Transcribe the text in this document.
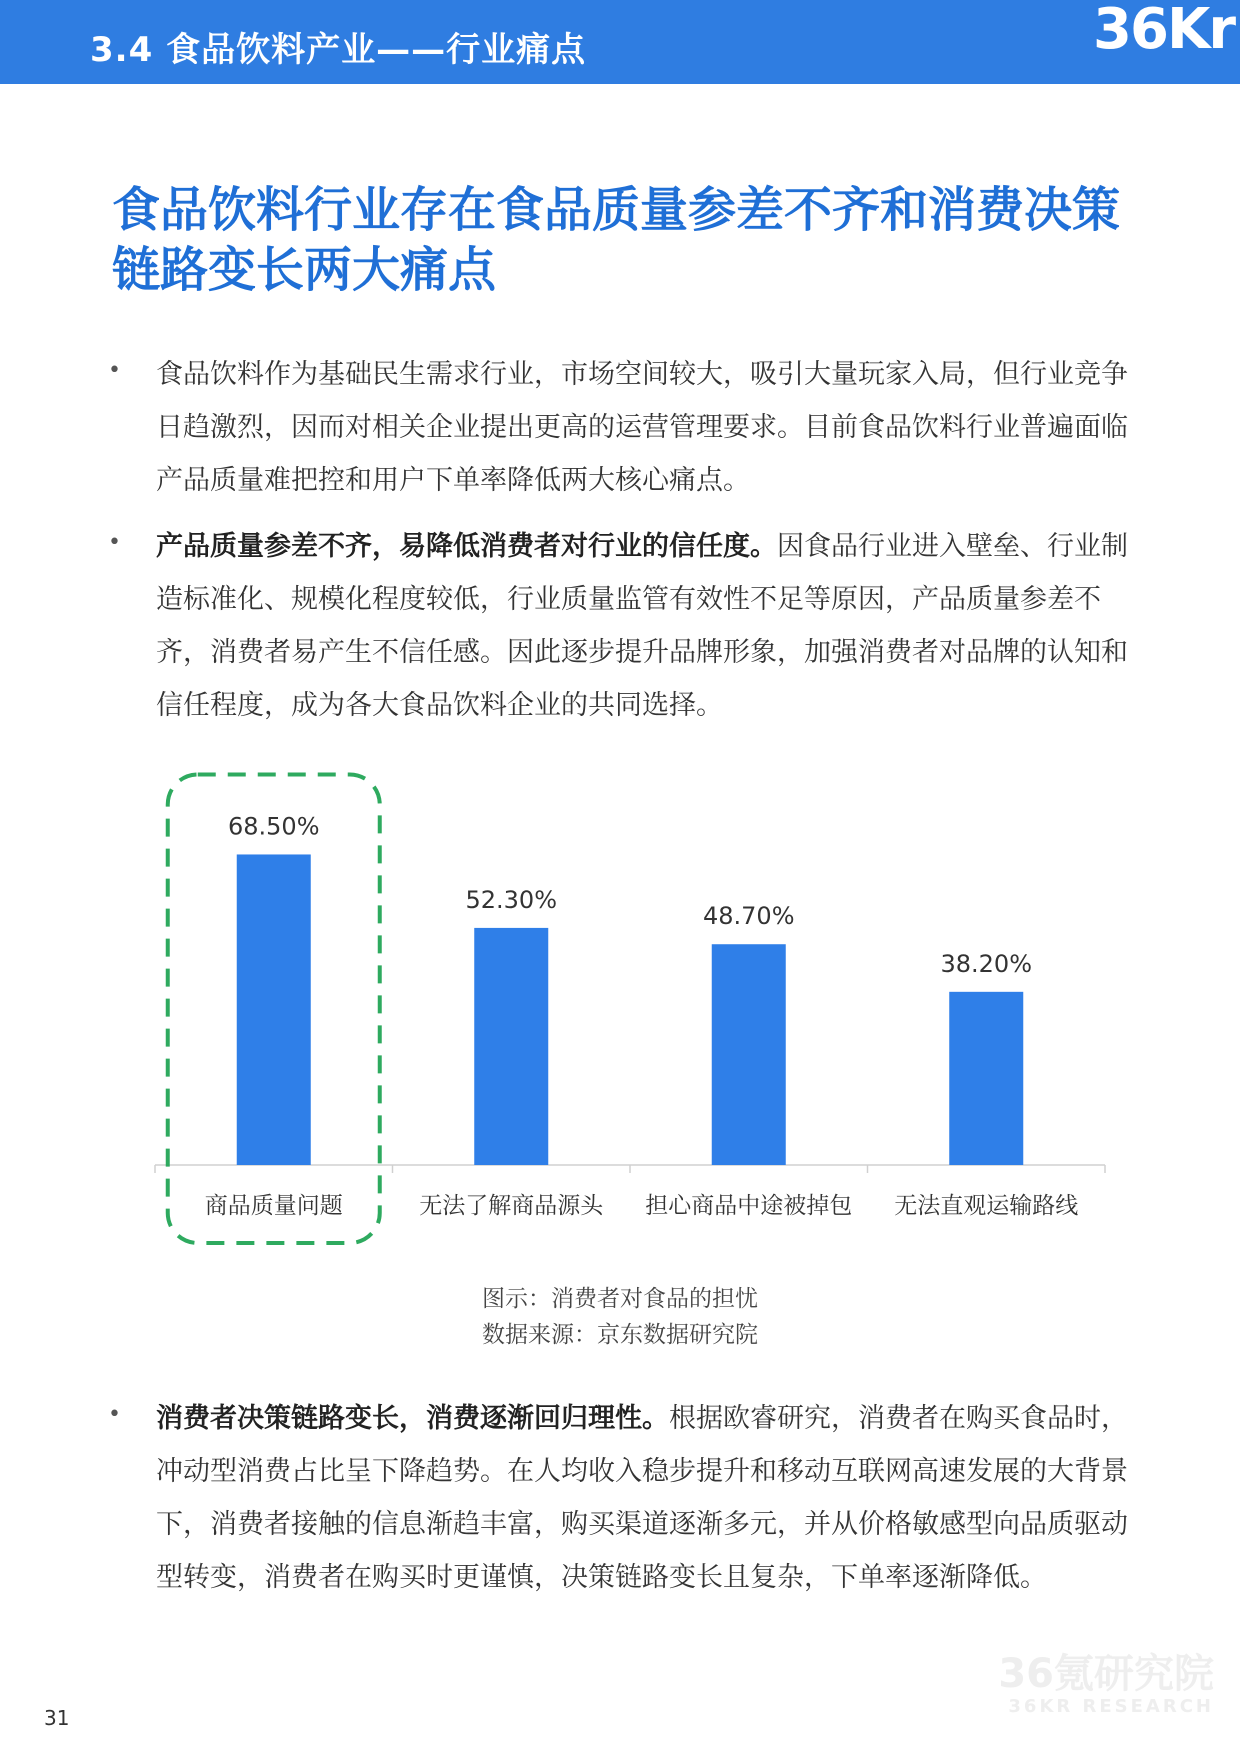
3.4 食品饮料产业——行业痛点	36Kr
食品饮料行业存在食品质量参差不齐和消费决策链路变长两大痛点
• 食品饮料作为基础民生需求行业，市场空间较大，吸引大量玩家入局，但行业竞争日趋激烈，因而对相关企业提出更高的运营管理要求。目前食品饮料行业普遍面临产品质量难把控和用户下单率降低两大核心痛点。
• 产品质量参差不齐，易降低消费者对行业的信任度。因食品行业进入壁垒、行业制造标准化、规模化程度较低，行业质量监管有效性不足等原因，产品质量参差不齐，消费者易产生不信任感。因此逐步提升品牌形象，加强消费者对品牌的认知和信任程度，成为各大食品饮料企业的共同选择。
68.50%
商品质量问题
52.30%
无法了解商品源头
48.70%
担心商品中途被掉包
38.20%
无法直观运输路线
图示：消费者对食品的担忧
数据来源：京东数据研究院
• 消费者决策链路变长，消费逐渐回归理性。根据欧睿研究，消费者在购买食品时，冲动型消费占比呈下降趋势。在人均收入稳步提升和移动互联网高速发展的大背景下，消费者接触的信息渐趋丰富，购买渠道逐渐多元，并从价格敏感型向品质驱动型转变，消费者在购买时更谨慎，决策链路变长且复杂，下单率逐渐降低。
31
36氪研究院
36KR RESEARCH
